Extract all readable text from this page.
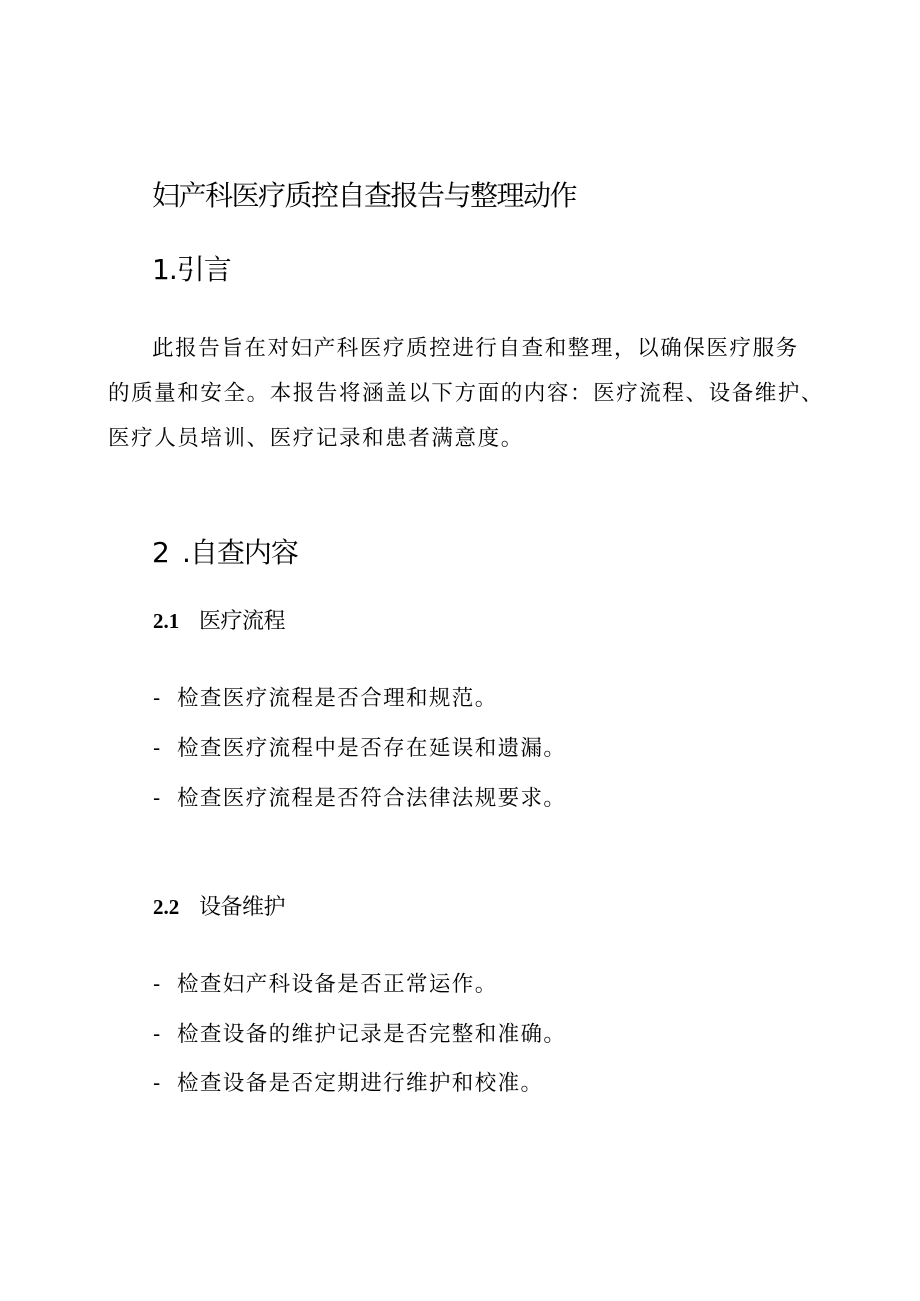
妇产科医疗质控自查报告与整理动作
1.引言
此报告旨在对妇产科医疗质控进行自查和整理，以确保医疗服务
的质量和安全。本报告将涵盖以下方面的内容：医疗流程、设备维护、
医疗人员培训、医疗记录和患者满意度。
2 .自查内容
2.1 医疗流程
- 检查医疗流程是否合理和规范。
- 检查医疗流程中是否存在延误和遗漏。
- 检查医疗流程是否符合法律法规要求。
2.2 设备维护
- 检查妇产科设备是否正常运作。
- 检查设备的维护记录是否完整和准确。
- 检查设备是否定期进行维护和校准。
